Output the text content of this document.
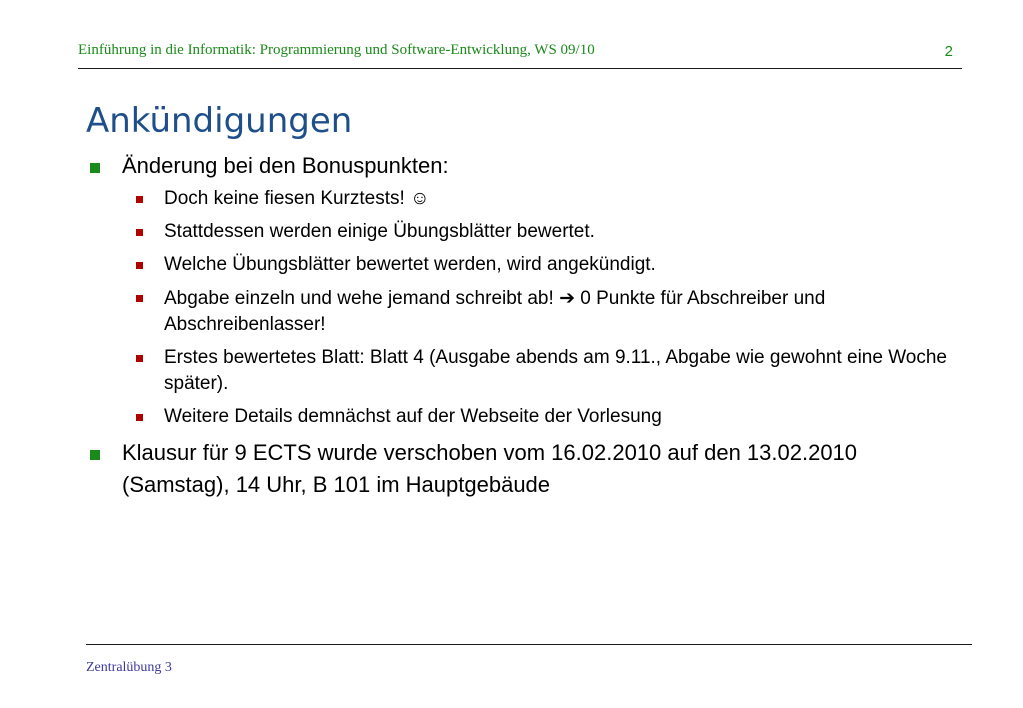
Einführung in die Informatik: Programmierung und Software-Entwicklung, WS 09/10	2
Ankündigungen
Änderung bei den Bonuspunkten:
Doch keine fiesen Kurztests! ☺
Stattdessen werden einige Übungsblätter bewertet.
Welche Übungsblätter bewertet werden, wird angekündigt.
Abgabe einzeln und wehe jemand schreibt ab! ➔ 0 Punkte für Abschreiber und Abschreibenlasser!
Erstes bewertetes Blatt: Blatt 4 (Ausgabe abends am 9.11., Abgabe wie gewohnt eine Woche später).
Weitere Details demnächst auf der Webseite der Vorlesung
Klausur für 9 ECTS wurde verschoben vom 16.02.2010 auf den 13.02.2010 (Samstag), 14 Uhr, B 101 im Hauptgebäude
Zentralübung 3
